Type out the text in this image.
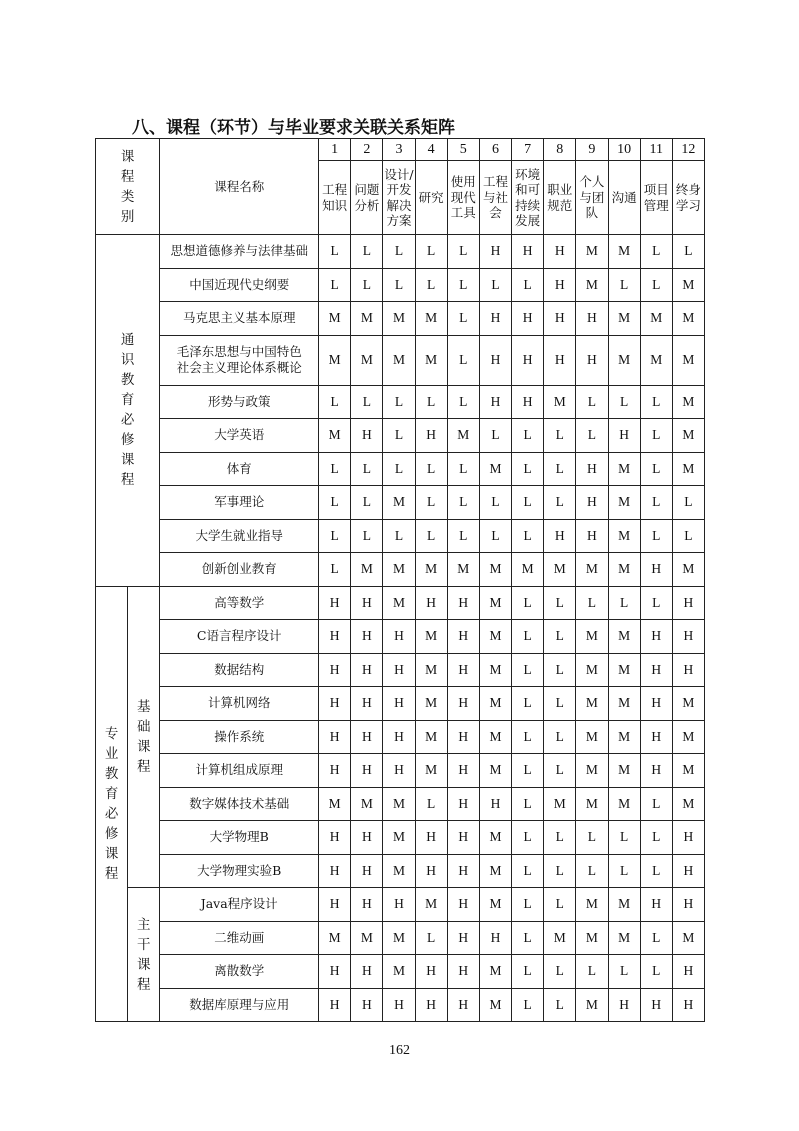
八、课程（环节）与毕业要求关联关系矩阵
课程类别		课程名称	1	2	3	4	5	6	7	8	9	10	11	12
			工程知识	问题分析	设计/开发解决方案	研究	使用现代工具	工程与社会	环境和可持续发展	职业规范	个人与团队	沟通	项目管理	终身学习
通识教育必修课程		思想道德修养与法律基础	L	L	L	L	L	H	H	H	M	M	L	L
		中国近现代史纲要	L	L	L	L	L	L	L	H	M	L	L	M
		马克思主义基本原理	M	M	M	M	L	H	H	H	H	M	M	M
		毛泽东思想与中国特色社会主义理论体系概论	M	M	M	M	L	H	H	H	H	M	M	M
		形势与政策	L	L	L	L	L	H	H	M	L	L	L	M
		大学英语	M	H	L	H	M	L	L	L	L	H	L	M
		体育	L	L	L	L	L	M	L	L	H	M	L	M
		军事理论	L	L	M	L	L	L	L	L	H	M	L	L
		大学生就业指导	L	L	L	L	L	L	L	H	H	M	L	L
		创新创业教育	L	M	M	M	M	M	M	M	M	M	H	M
专业教育必修课程	基础课程	高等数学	H	H	M	H	H	M	L	L	L	L	L	H
		C语言程序设计	H	H	H	M	H	M	L	L	M	M	H	H
		数据结构	H	H	H	M	H	M	L	L	M	M	H	H
		计算机网络	H	H	H	M	H	M	L	L	M	M	H	M
		操作系统	H	H	H	M	H	M	L	L	M	M	H	M
		计算机组成原理	H	H	H	M	H	M	L	L	M	M	H	M
		数字媒体技术基础	M	M	M	L	H	H	L	M	M	M	L	M
		大学物理B	H	H	M	H	H	M	L	L	L	L	L	H
		大学物理实验B	H	H	M	H	H	M	L	L	L	L	L	H
	主干课程	Java程序设计	H	H	H	M	H	M	L	L	M	M	H	H
		二维动画	M	M	M	L	H	H	L	M	M	M	L	M
		离散数学	H	H	M	H	H	M	L	L	L	L	L	H
		数据库原理与应用	H	H	H	H	H	M	L	L	M	H	H	H
162
